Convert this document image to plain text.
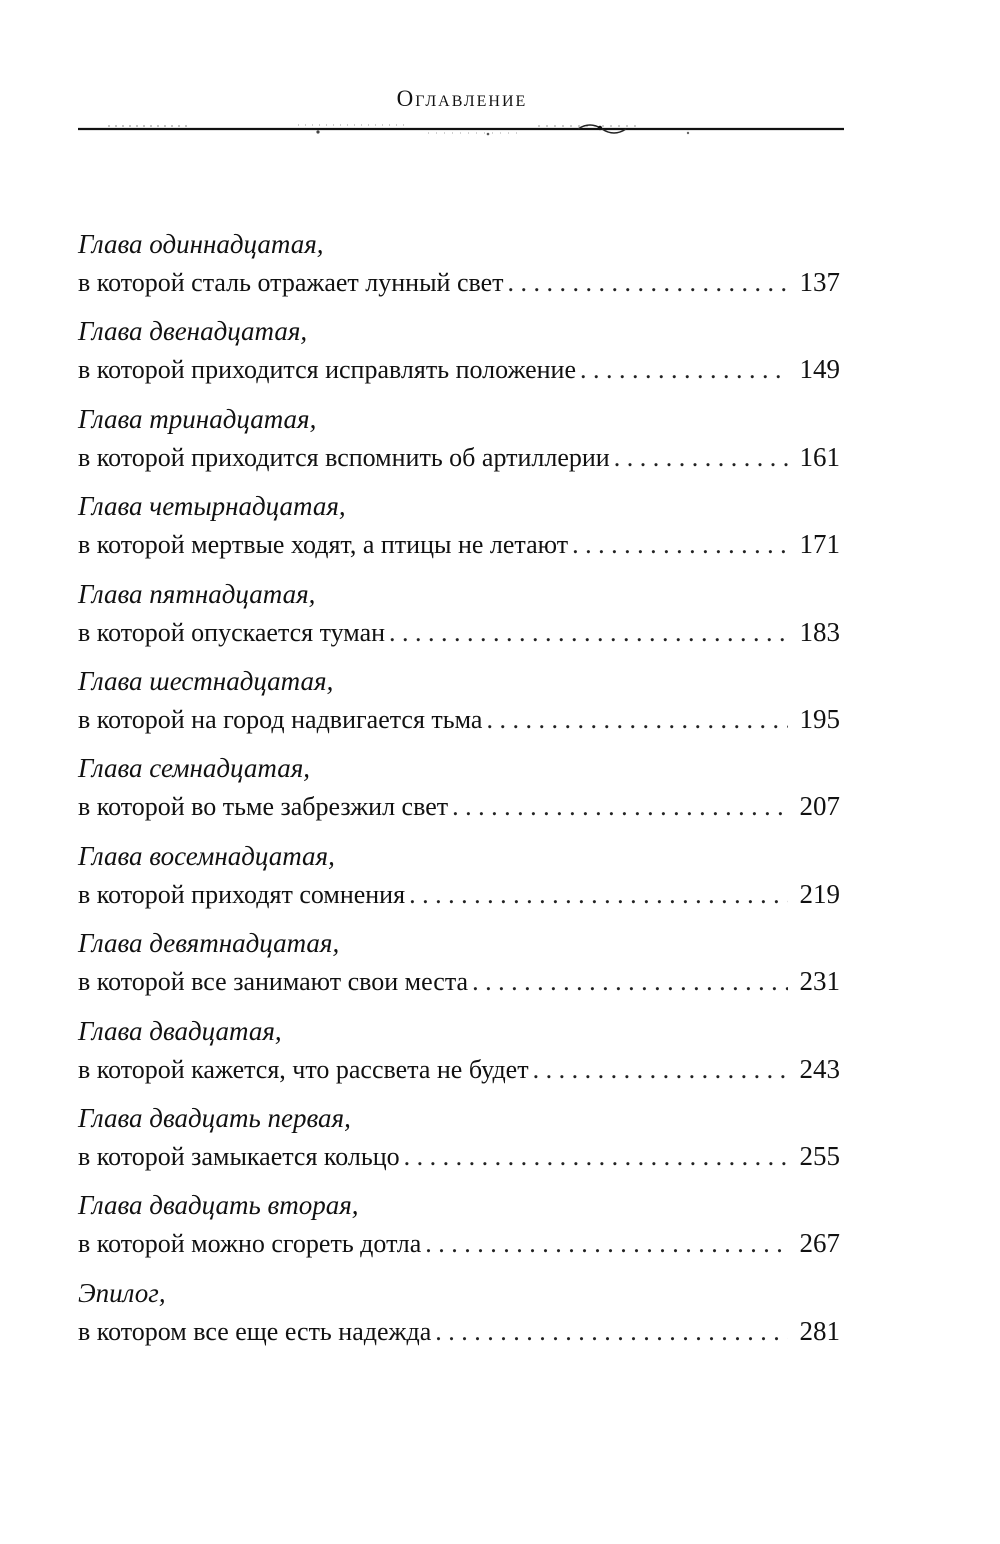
Оглавление
Глава одиннадцатая,
в которой сталь отражает лунный свет . . .	137
Глава двенадцатая,
в которой приходится исправлять положение . . .	149
Глава тринадцатая,
в которой приходится вспомнить об артиллерии . . .	161
Глава четырнадцатая,
в которой мертвые ходят, а птицы не летают . . .	171
Глава пятнадцатая,
в которой опускается туман . . .	183
Глава шестнадцатая,
в которой на город надвигается тьма . . .	195
Глава семнадцатая,
в которой во тьме забрезжил свет . . .	207
Глава восемнадцатая,
в которой приходят сомнения . . .	219
Глава девятнадцатая,
в которой все занимают свои места . . .	231
Глава двадцатая,
в которой кажется, что рассвета не будет . . .	243
Глава двадцать первая,
в которой замыкается кольцо . . .	255
Глава двадцать вторая,
в которой можно сгореть дотла . . .	267
Эпилог,
в котором все еще есть надежда . . .	281
